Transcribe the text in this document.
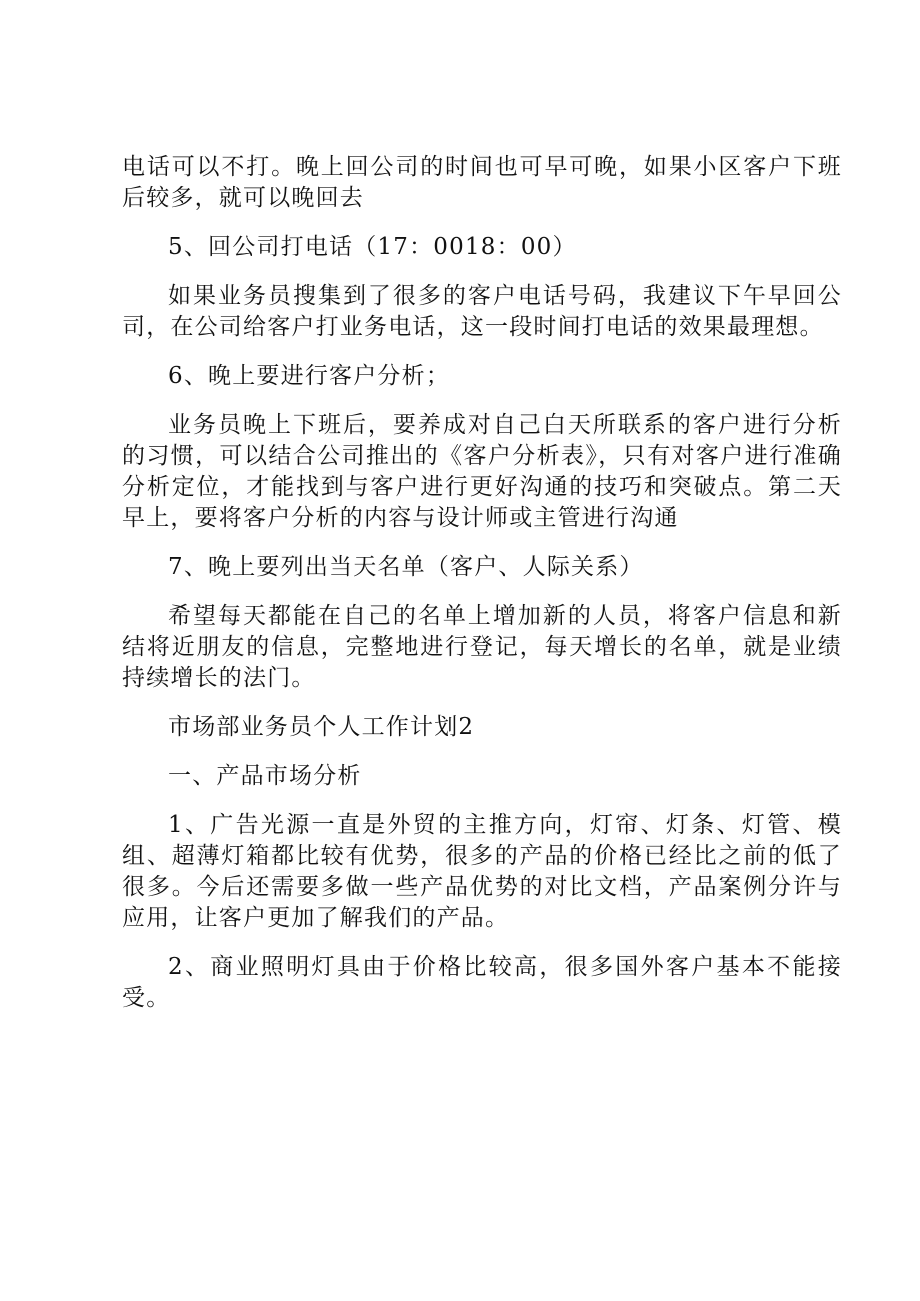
电话可以不打。晚上回公司的时间也可早可晚，如果小区客户下班后较多，就可以晚回去

5、回公司打电话（17：0018：00）

如果业务员搜集到了很多的客户电话号码，我建议下午早回公司，在公司给客户打业务电话，这一段时间打电话的效果最理想。

6、晚上要进行客户分析；

业务员晚上下班后，要养成对自己白天所联系的客户进行分析的习惯，可以结合公司推出的《客户分析表》，只有对客户进行准确分析定位，才能找到与客户进行更好沟通的技巧和突破点。第二天早上，要将客户分析的内容与设计师或主管进行沟通

7、晚上要列出当天名单（客户、人际关系）

希望每天都能在自己的名单上增加新的人员，将客户信息和新结将近朋友的信息，完整地进行登记，每天增长的名单，就是业绩持续增长的法门。

市场部业务员个人工作计划2

一、产品市场分析

1、广告光源一直是外贸的主推方向，灯帘、灯条、灯管、模组、超薄灯箱都比较有优势，很多的产品的价格已经比之前的低了很多。今后还需要多做一些产品优势的对比文档，产品案例分许与应用，让客户更加了解我们的产品。

2、商业照明灯具由于价格比较高，很多国外客户基本不能接受。
